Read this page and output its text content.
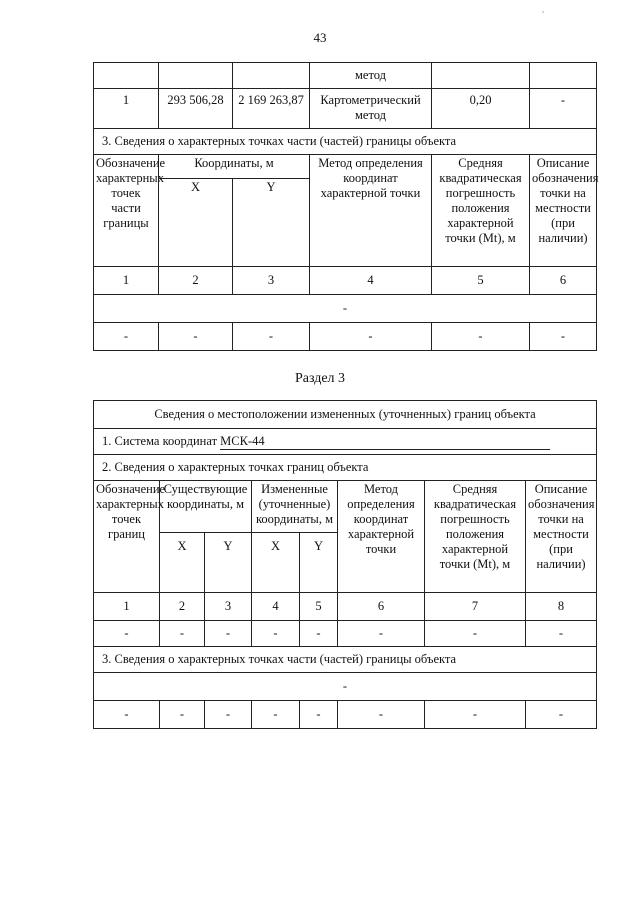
,
43
			метод		
1	293 506,28	2 169 263,87	Картометрический метод	0,20	-
3. Сведения о характерных точках части (частей) границы объекта					
Обозначение характерных точек части границы	Координаты, м		Метод определения координат характерной точки	Средняя квадратическая погрешность положения характерной точки (Mt), м	Описание обозначения точки на местности (при наличии)
	X	Y			
1	2	3	4	5	6
-					
-	-	-	-	-	-
Раздел 3
Сведения о местоположении измененных (уточненных) границ объекта							
1. Система координат МСК-44							
2. Сведения о характерных точках границ объекта							
Обозначение характерных точек границ	Существующие координаты, м		Измененные (уточненные) координаты, м		Метод определения координат характерной точки	Средняя квадратическая погрешность положения характерной точки (Mt), м	Описание обозначения точки на местности (при наличии)
	X	Y	X	Y			
1	2	3	4	5	6	7	8
-	-	-	-	-	-	-	-
3. Сведения о характерных точках части (частей) границы объекта							
-							
-	-	-	-	-	-	-	-
